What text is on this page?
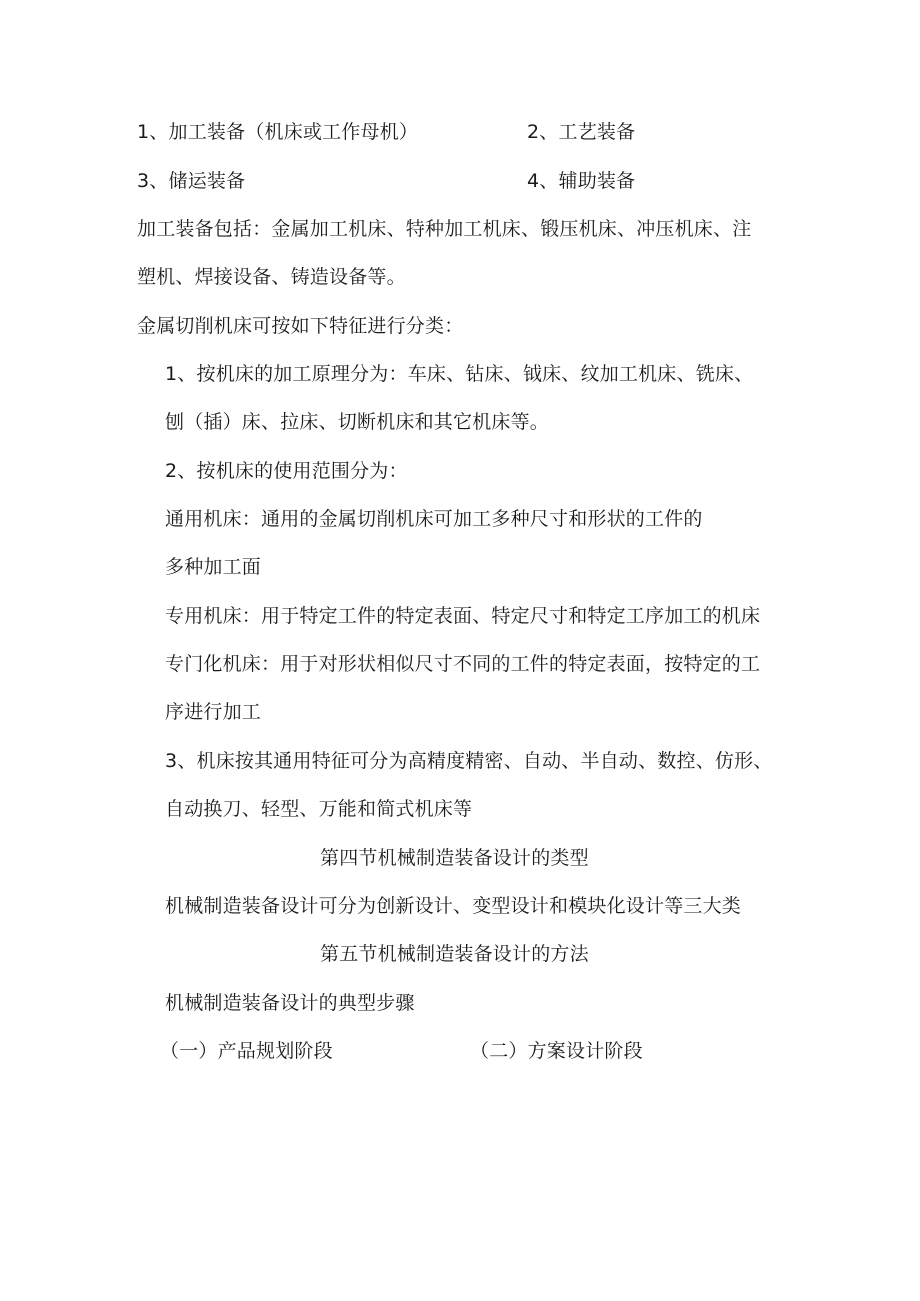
1、加工装备（机床或工作母机）	2、工艺装备
3、储运装备	4、辅助装备
加工装备包括：金属加工机床、特种加工机床、锻压机床、冲压机床、注
塑机、焊接设备、铸造设备等。
金属切削机床可按如下特征进行分类：
1、按机床的加工原理分为：车床、钻床、钺床、纹加工机床、铣床、
刨（插）床、拉床、切断机床和其它机床等。
2、按机床的使用范围分为：
通用机床：通用的金属切削机床可加工多种尺寸和形状的工件的
多种加工面
专用机床：用于特定工件的特定表面、特定尺寸和特定工序加工的机床
专门化机床：用于对形状相似尺寸不同的工件的特定表面，按特定的工
序进行加工
3、机床按其通用特征可分为高精度精密、自动、半自动、数控、仿形、
自动换刀、轻型、万能和简式机床等
第四节机械制造装备设计的类型
机械制造装备设计可分为创新设计、变型设计和模块化设计等三大类
第五节机械制造装备设计的方法
机械制造装备设计的典型步骤
（一）产品规划阶段	（二）方案设计阶段
